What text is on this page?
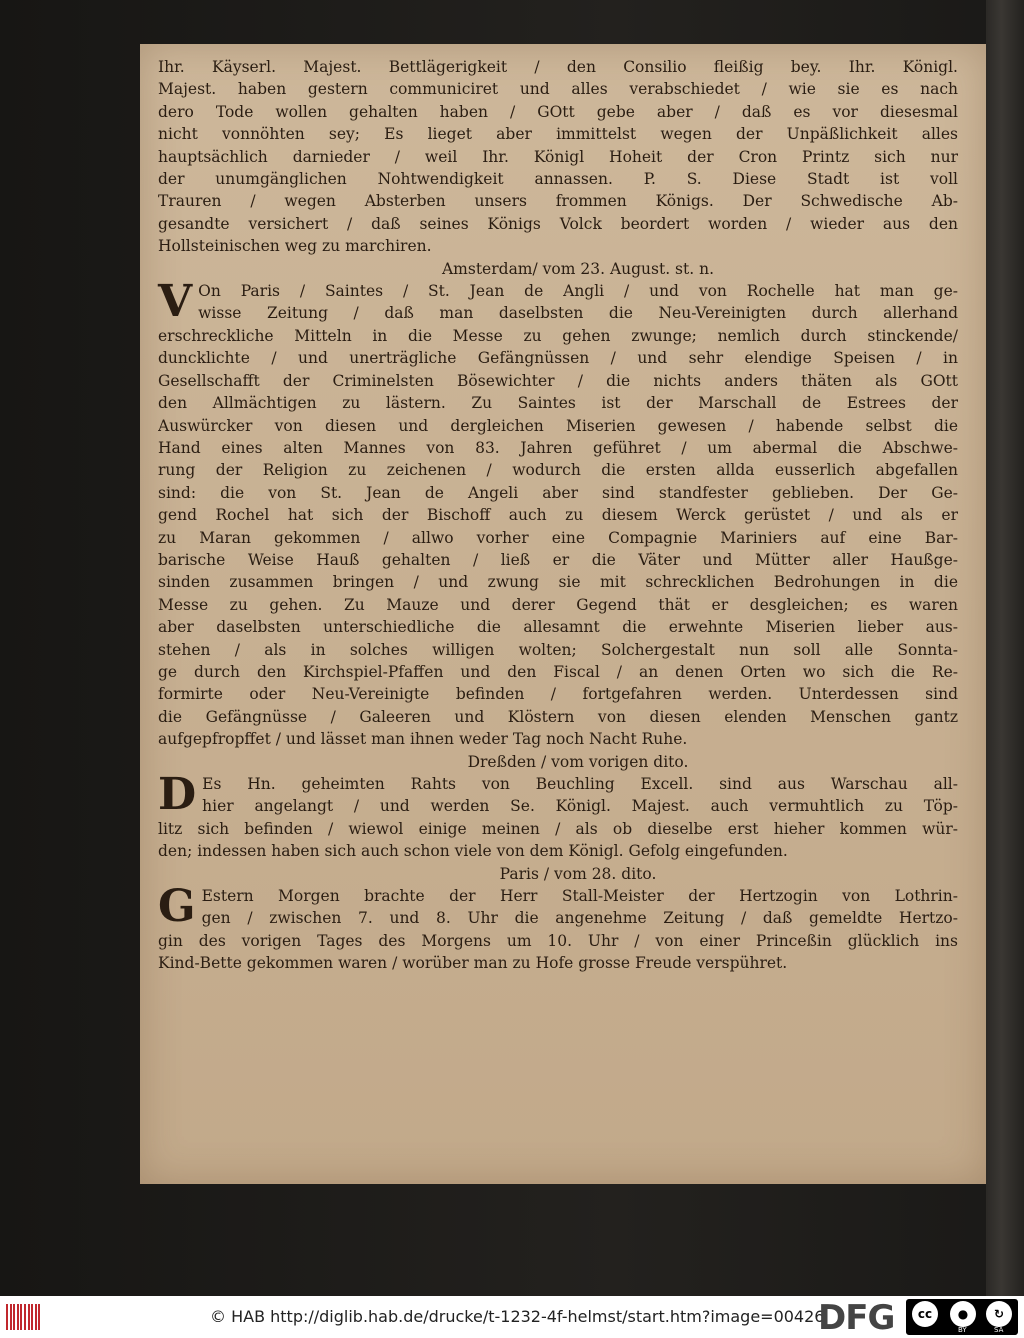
Ihr. Käyserl. Majest. Bettlägerigkeit / den Consilio fleißig bey. Ihr. Königl.
Majest. haben gestern communiciret und alles verabschiedet / wie sie es nach
dero Tode wollen gehalten haben / GOtt gebe aber / daß es vor diesesmal
nicht vonnöhten sey; Es lieget aber immittelst wegen der Unpäßlichkeit alles
hauptsächlich darnieder / weil Ihr. Königl Hoheit der Cron Printz sich nur
der unumgänglichen Nohtwendigkeit annassen. P. S. Diese Stadt ist voll
Trauren / wegen Absterben unsers frommen Königs. Der Schwedische Ab-
gesandte versichert / daß seines Königs Volck beordert worden / wieder aus den
Hollsteinischen weg zu marchiren.
Amsterdam/ vom 23. August. st. n.
V On Paris / Saintes / St. Jean de Angli / und von Rochelle hat man ge-
wisse Zeitung / daß man daselbsten die Neu-Vereinigten durch allerhand
erschreckliche Mitteln in die Messe zu gehen zwunge; nemlich durch stinckende/
duncklichte / und unerträgliche Gefängnüssen / und sehr elendige Speisen / in
Gesellschafft der Criminelsten Bösewichter / die nichts anders thäten als GOtt
den Allmächtigen zu lästern. Zu Saintes ist der Marschall de Estrees der
Auswürcker von diesen und dergleichen Miserien gewesen / habende selbst die
Hand eines alten Mannes von 83. Jahren geführet / um abermal die Abschwe-
rung der Religion zu zeichenen / wodurch die ersten allda eusserlich abgefallen
sind: die von St. Jean de Angeli aber sind standfester geblieben. Der Ge-
gend Rochel hat sich der Bischoff auch zu diesem Werck gerüstet / und als er
zu Maran gekommen / allwo vorher eine Compagnie Mariniers auf eine Bar-
barische Weise Hauß gehalten / ließ er die Väter und Mütter aller Haußge-
sinden zusammen bringen / und zwung sie mit schrecklichen Bedrohungen in die
Messe zu gehen. Zu Mauze und derer Gegend thät er desgleichen; es waren
aber daselbsten unterschiedliche die allesamnt die erwehnte Miserien lieber aus-
stehen / als in solches willigen wolten; Solchergestalt nun soll alle Sonnta-
ge durch den Kirchspiel-Pfaffen und den Fiscal / an denen Orten wo sich die Re-
formirte oder Neu-Vereinigte befinden / fortgefahren werden. Unterdessen sind
die Gefängnüsse / Galeeren und Klöstern von diesen elenden Menschen gantz
aufgepfropffet / und lässet man ihnen weder Tag noch Nacht Ruhe.
Dreßden / vom vorigen dito.
D Es Hn. geheimten Rahts von Beuchling Excell. sind aus Warschau all-
hier angelangt / und werden Se. Königl. Majest. auch vermuhtlich zu Töp-
litz sich befinden / wiewol einige meinen / als ob dieselbe erst hieher kommen wür-
den; indessen haben sich auch schon viele von dem Königl. Gefolg eingefunden.
Paris / vom 28. dito.
G Estern Morgen brachte der Herr Stall-Meister der Hertzogin von Lothrin-
gen / zwischen 7. und 8. Uhr die angenehme Zeitung / daß gemeldte Hertzo-
gin des vorigen Tages des Morgens um 10. Uhr / von einer Princeßin glücklich ins
Kind-Bette gekommen waren / worüber man zu Hofe grosse Freude verspühret.
© HAB http://diglib.hab.de/drucke/t-1232-4f-helmst/start.htm?image=00426
DFG	cc	●	↻
BY	SA
